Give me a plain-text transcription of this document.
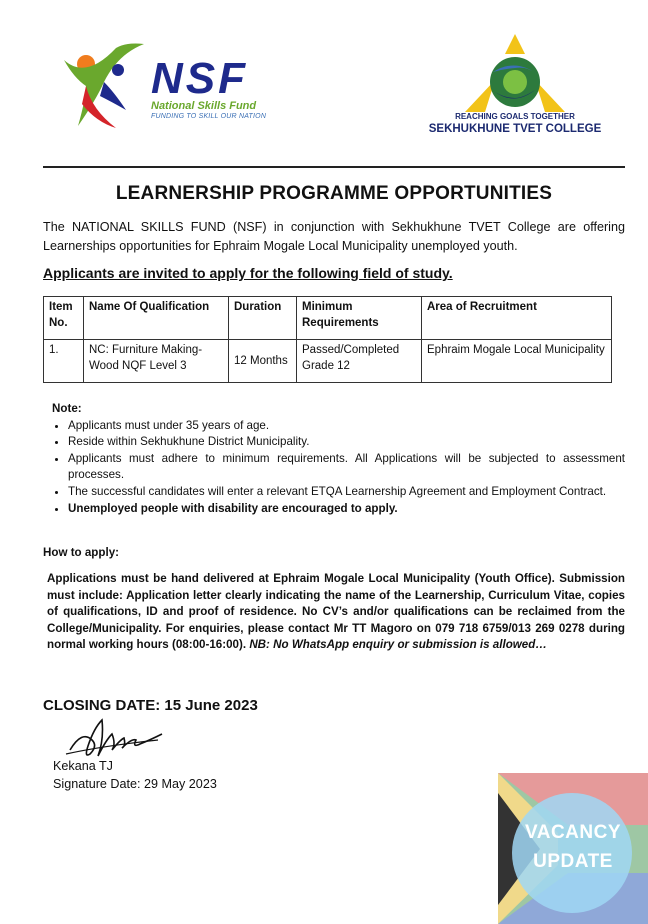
NSF
National Skills Fund
FUNDING TO SKILL OUR NATION	REACHING GOALS TOGETHER
SEKHUKHUNE TVET COLLEGE
LEARNERSHIP PROGRAMME OPPORTUNITIES
The NATIONAL SKILLS FUND (NSF) in conjunction with Sekhukhune TVET College are offering Learnerships opportunities for Ephraim Mogale Local Municipality unemployed youth.
Applicants are invited to apply for the following field of study.
Item No.	Name Of Qualification	Duration	Minimum Requirements	Area of Recruitment
1.	NC: Furniture Making-Wood NQF Level 3	12 Months	Passed/Completed Grade 12	Ephraim Mogale Local Municipality
Note:
• Applicants must under 35 years of age.
• Reside within Sekhukhune District Municipality.
• Applicants must adhere to minimum requirements. All Applications will be subjected to assessment processes.
• The successful candidates will enter a relevant ETQA Learnership Agreement and Employment Contract.
• Unemployed people with disability are encouraged to apply.
How to apply:
Applications must be hand delivered at Ephraim Mogale Local Municipality (Youth Office). Submission must include: Application letter clearly indicating the name of the Learnership, Curriculum Vitae, copies of qualifications, ID and proof of residence. No CV’s and/or qualifications can be reclaimed from the College/Municipality. For enquiries, please contact Mr TT Magoro on 079 718 6759/013 269 0278 during normal working hours (08:00-16:00). NB: No WhatsApp enquiry or submission is allowed…
CLOSING DATE: 15 June 2023
Kekana TJ
Signature Date: 29 May 2023
VACANCY
UPDATE
